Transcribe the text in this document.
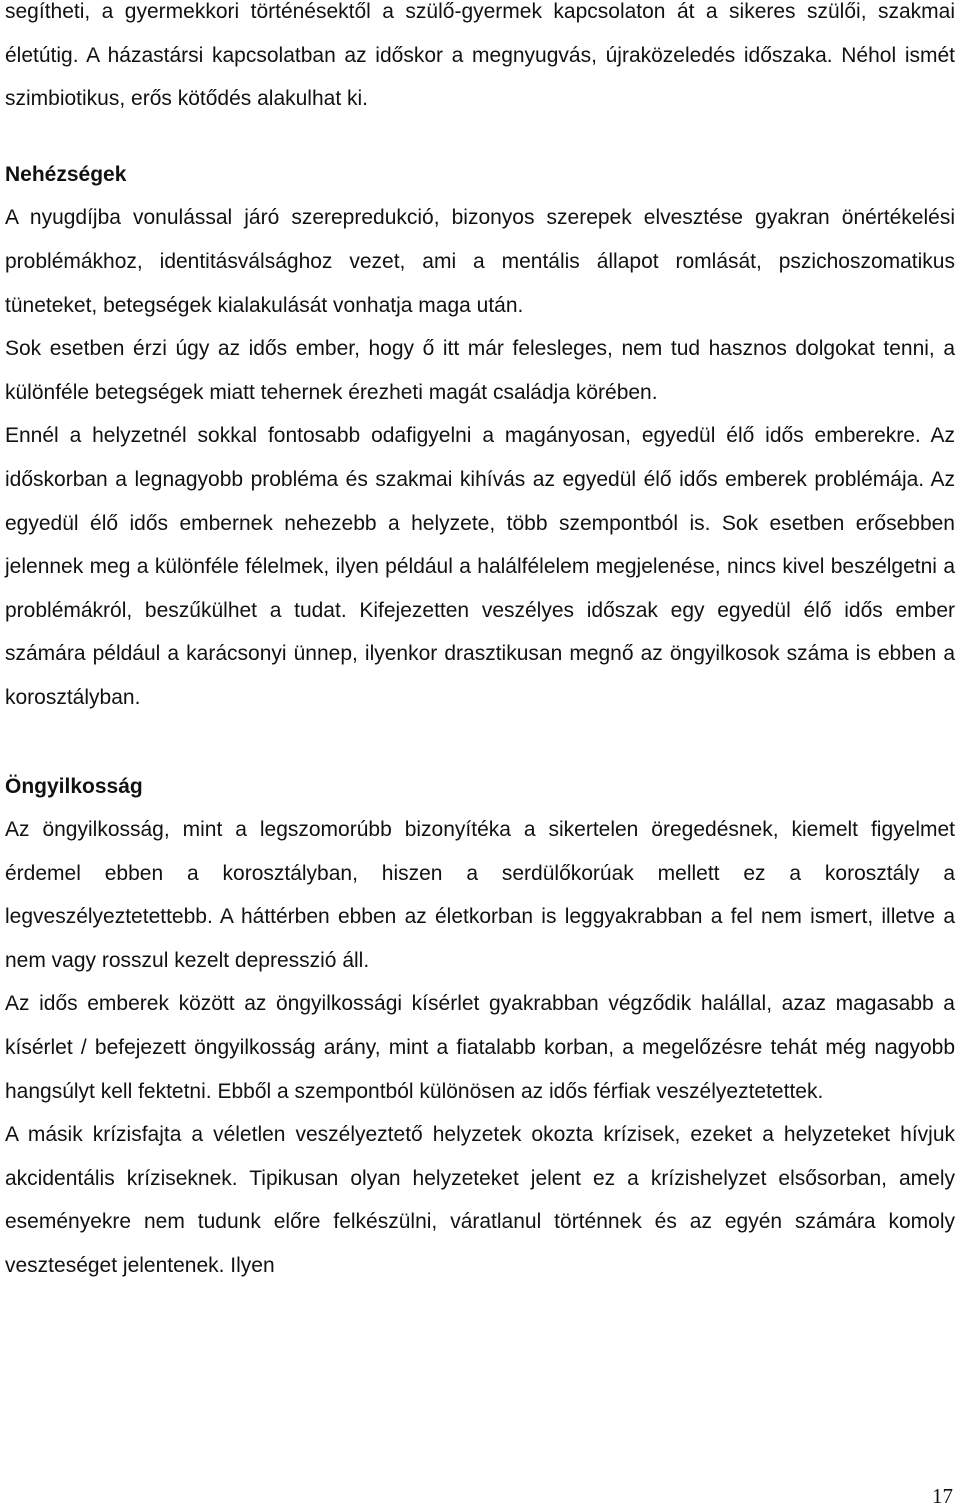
segítheti, a gyermekkori történésektől a szülő-gyermek kapcsolaton át a sikeres szülői, szakmai életútig. A házastársi kapcsolatban az időskor a megnyugvás, újraközeledés időszaka. Néhol ismét szimbiotikus, erős kötődés alakulhat ki.

Nehézségek

A nyugdíjba vonulással járó szerepredukció, bizonyos szerepek elvesztése gyakran önértékelési problémákhoz, identitásválsághoz vezet, ami a mentális állapot romlását, pszichoszomatikus tüneteket, betegségek kialakulását vonhatja maga után.

Sok esetben érzi úgy az idős ember, hogy ő itt már felesleges, nem tud hasznos dolgokat tenni, a különféle betegségek miatt tehernek érezheti magát családja körében.

Ennél a helyzetnél sokkal fontosabb odafigyelni a magányosan, egyedül élő idős emberekre. Az időskorban a legnagyobb probléma és szakmai kihívás az egyedül élő idős emberek problémája. Az egyedül élő idős embernek nehezebb a helyzete, több szempontból is. Sok esetben erősebben jelennek meg a különféle félelmek, ilyen például a halálfélelem megjelenése, nincs kivel beszélgetni a problémákról, beszűkülhet a tudat. Kifejezetten veszélyes időszak egy egyedül élő idős ember számára például a karácsonyi ünnep, ilyenkor drasztikusan megnő az öngyilkosok száma is ebben a korosztályban.

Öngyilkosság

Az öngyilkosság, mint a legszomorúbb bizonyítéka a sikertelen öregedésnek, kiemelt figyelmet érdemel ebben a korosztályban, hiszen a serdülőkorúak mellett ez a korosztály a legveszélyeztetettebb. A háttérben ebben az életkorban is leggyakrabban a fel nem ismert, illetve a nem vagy rosszul kezelt depresszió áll.

Az idős emberek között az öngyilkossági kísérlet gyakrabban végződik halállal, azaz magasabb a kísérlet / befejezett öngyilkosság arány, mint a fiatalabb korban, a megelőzésre tehát még nagyobb hangsúlyt kell fektetni. Ebből a szempontból különösen az idős férfiak veszélyeztetettek.

A másik krízisfajta a véletlen veszélyeztető helyzetek okozta krízisek, ezeket a helyzeteket hívjuk akcidentális kríziseknek. Tipikusan olyan helyzeteket jelent ez a krízishelyzet elsősorban, amely eseményekre nem tudunk előre felkészülni, váratlanul történnek és az egyén számára komoly veszteséget jelentenek. Ilyen

17
